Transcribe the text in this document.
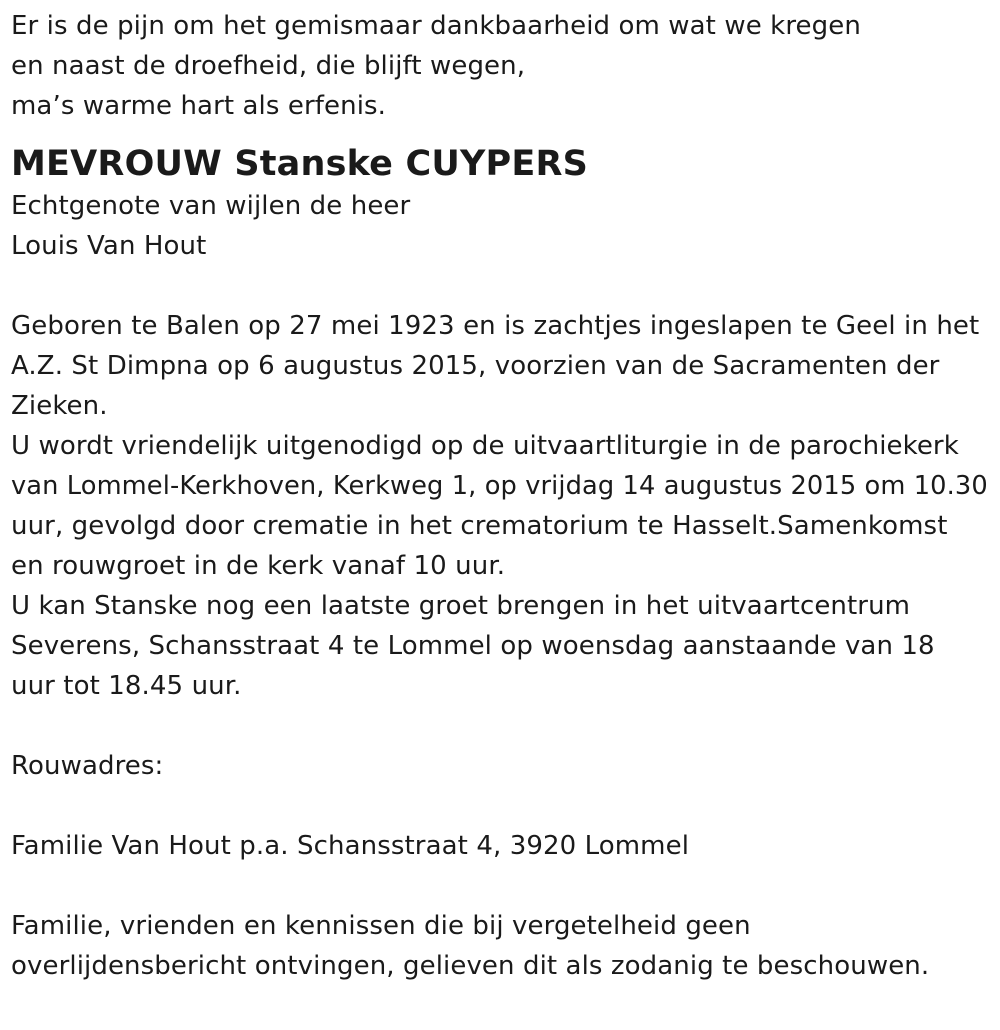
Er is de pijn om het gemismaar dankbaarheid om wat we kregen
en naast de droefheid, die blijft wegen,
ma’s warme hart als erfenis.
MEVROUW Stanske CUYPERS
Echtgenote van wijlen de heer
Louis Van Hout
Geboren te Balen op 27 mei 1923 en is zachtjes ingeslapen te Geel in het
A.Z. St Dimpna op 6 augustus 2015, voorzien van de Sacramenten der
Zieken.
U wordt vriendelijk uitgenodigd op de uitvaartliturgie in de parochiekerk
van Lommel-Kerkhoven, Kerkweg 1, op vrijdag 14 augustus 2015 om 10.30
uur, gevolgd door crematie in het crematorium te Hasselt.Samenkomst
en rouwgroet in de kerk vanaf 10 uur.
U kan Stanske nog een laatste groet brengen in het uitvaartcentrum
Severens, Schansstraat 4 te Lommel op woensdag aanstaande van 18
uur tot 18.45 uur.
Rouwadres:
Familie Van Hout p.a. Schansstraat 4, 3920 Lommel
Familie, vrienden en kennissen die bij vergetelheid geen
overlijdensbericht ontvingen, gelieven dit als zodanig te beschouwen.
